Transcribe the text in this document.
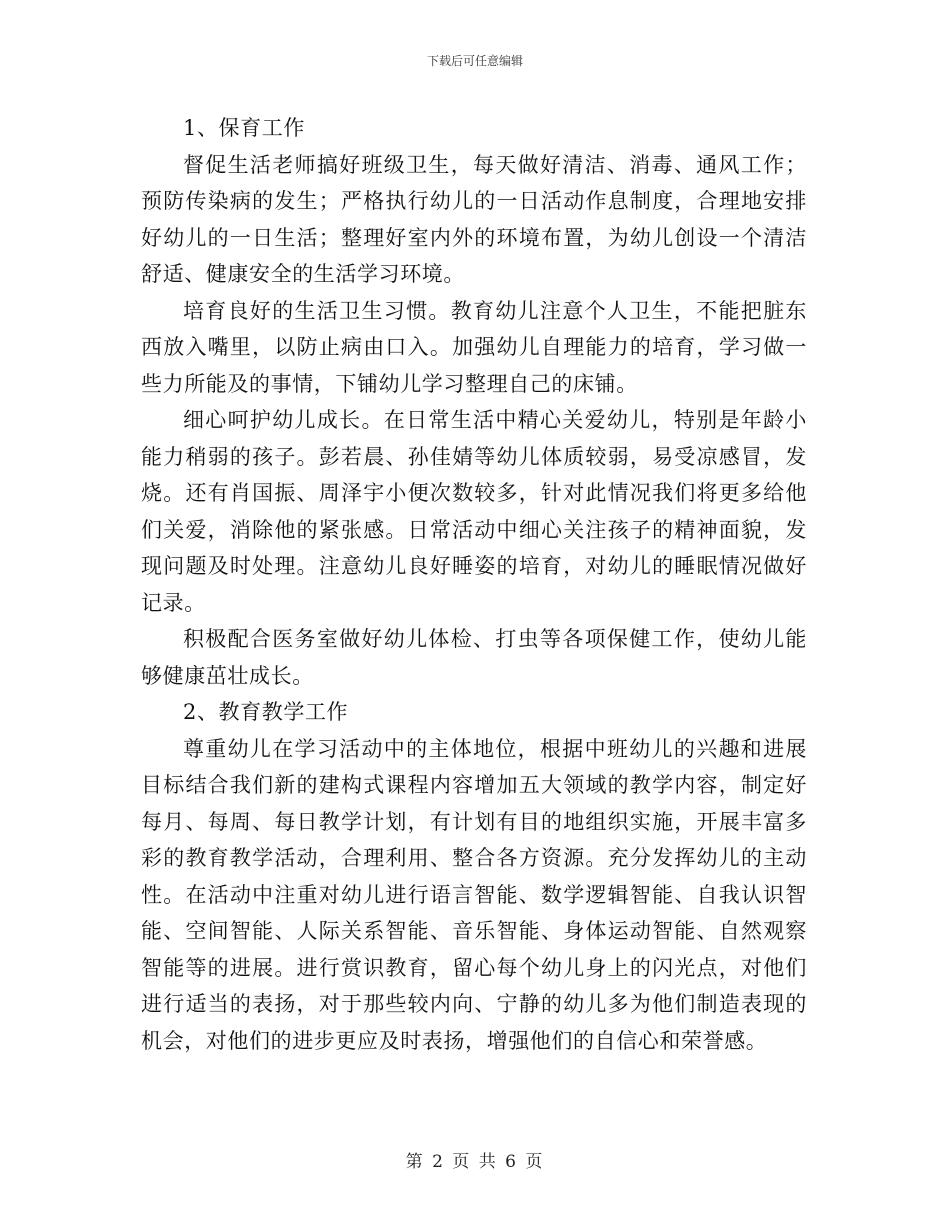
下载后可任意编辑

1、保育工作

督促生活老师搞好班级卫生，每天做好清洁、消毒、通风工作；预防传染病的发生；严格执行幼儿的一日活动作息制度，合理地安排好幼儿的一日生活；整理好室内外的环境布置，为幼儿创设一个清洁舒适、健康安全的生活学习环境。

培育良好的生活卫生习惯。教育幼儿注意个人卫生，不能把脏东西放入嘴里，以防止病由口入。加强幼儿自理能力的培育，学习做一些力所能及的事情，下铺幼儿学习整理自己的床铺。

细心呵护幼儿成长。在日常生活中精心关爱幼儿，特别是年龄小能力稍弱的孩子。彭若晨、孙佳婧等幼儿体质较弱，易受凉感冒，发烧。还有肖国振、周泽宇小便次数较多，针对此情况我们将更多给他们关爱，消除他的紧张感。日常活动中细心关注孩子的精神面貌，发现问题及时处理。注意幼儿良好睡姿的培育，对幼儿的睡眠情况做好记录。

积极配合医务室做好幼儿体检、打虫等各项保健工作，使幼儿能够健康茁壮成长。

2、教育教学工作

尊重幼儿在学习活动中的主体地位，根据中班幼儿的兴趣和进展目标结合我们新的建构式课程内容增加五大领域的教学内容，制定好每月、每周、每日教学计划，有计划有目的地组织实施，开展丰富多彩的教育教学活动，合理利用、整合各方资源。充分发挥幼儿的主动性。在活动中注重对幼儿进行语言智能、数学逻辑智能、自我认识智能、空间智能、人际关系智能、音乐智能、身体运动智能、自然观察智能等的进展。进行赏识教育，留心每个幼儿身上的闪光点，对他们进行适当的表扬，对于那些较内向、宁静的幼儿多为他们制造表现的机会，对他们的进步更应及时表扬，增强他们的自信心和荣誉感。

第 2 页 共 6 页
